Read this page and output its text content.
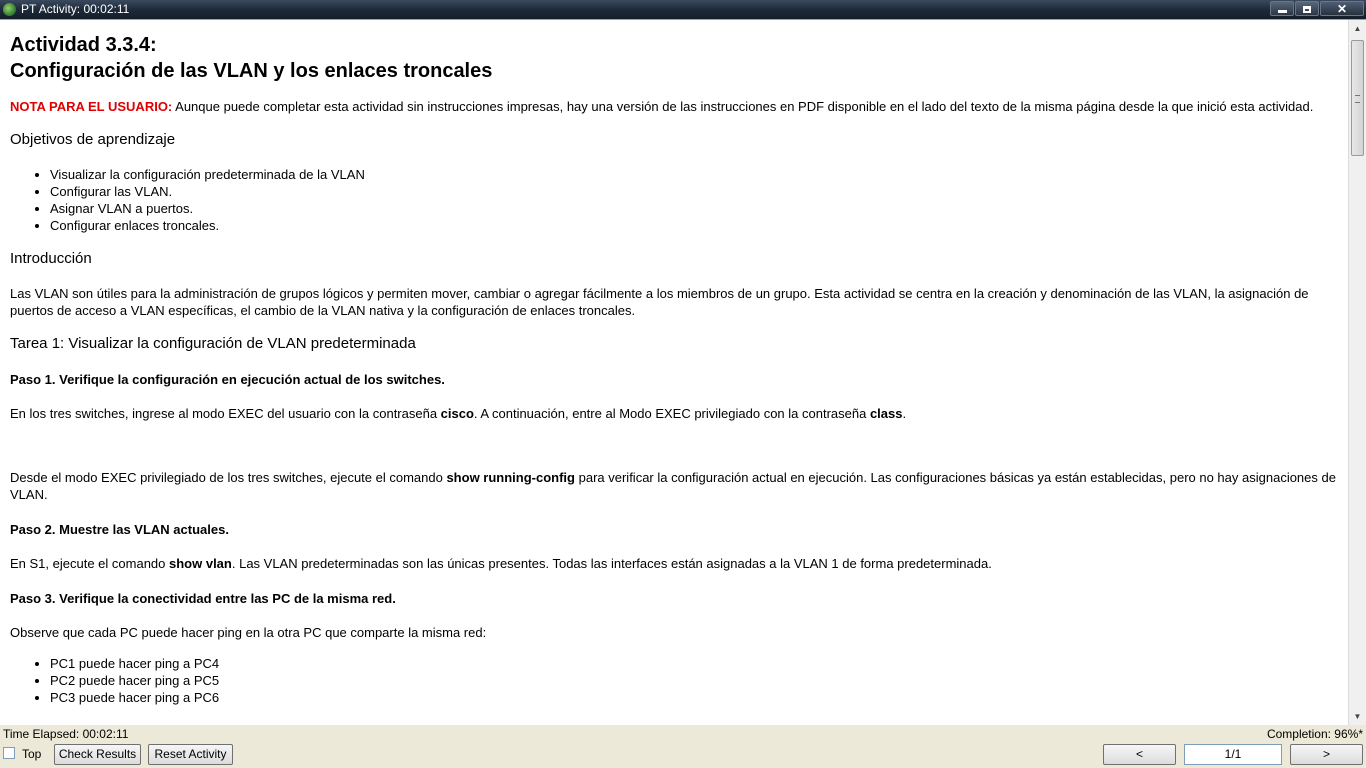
PT Activity: 00:02:11	✕
Actividad 3.3.4:
Configuración de las VLAN y los enlaces troncales

NOTA PARA EL USUARIO: Aunque puede completar esta actividad sin instrucciones impresas, hay una versión de las instrucciones en PDF disponible en el lado del texto de la misma página desde la que inició esta actividad.

Objetivos de aprendizaje
• Visualizar la configuración predeterminada de la VLAN
• Configurar las VLAN.
• Asignar VLAN a puertos.
• Configurar enlaces troncales.
Introducción

Las VLAN son útiles para la administración de grupos lógicos y permiten mover, cambiar o agregar fácilmente a los miembros de un grupo. Esta actividad se centra en la creación y denominación de las VLAN, la asignación de puertos de acceso a VLAN específicas, el cambio de la VLAN nativa y la configuración de enlaces troncales.

Tarea 1: Visualizar la configuración de VLAN predeterminada

Paso 1. Verifique la configuración en ejecución actual de los switches.

En los tres switches, ingrese al modo EXEC del usuario con la contraseña cisco. A continuación, entre al Modo EXEC privilegiado con la contraseña class.

Desde el modo EXEC privilegiado de los tres switches, ejecute el comando show running-config para verificar la configuración actual en ejecución. Las configuraciones básicas ya están establecidas, pero no hay asignaciones de VLAN.

Paso 2. Muestre las VLAN actuales.

En S1, ejecute el comando show vlan. Las VLAN predeterminadas son las únicas presentes. Todas las interfaces están asignadas a la VLAN 1 de forma predeterminada.

Paso 3. Verifique la conectividad entre las PC de la misma red.

Observe que cada PC puede hacer ping en la otra PC que comparte la misma red:

• PC1 puede hacer ping a PC4
• PC2 puede hacer ping a PC5
• PC3 puede hacer ping a PC6
▲
▼
Time Elapsed: 00:02:11	Completion: 96%*
Top	Check Results	Reset Activity	<	1/1	>
